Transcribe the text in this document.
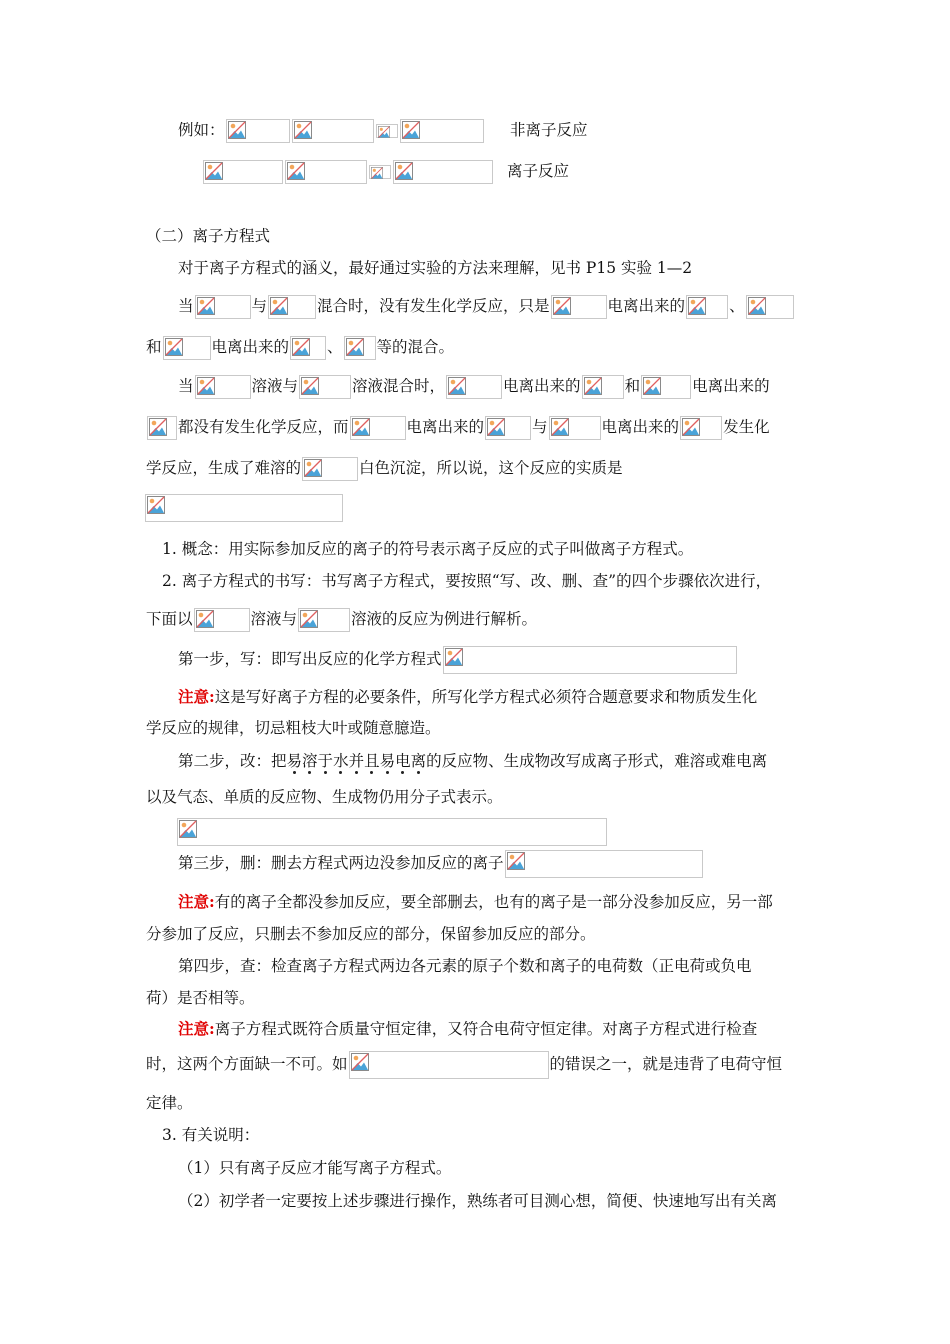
例如：	非离子反应
离子反应
（二）离子方程式
对于离子方程式的涵义，最好通过实验的方法来理解，见书 P15 实验 1—2
当	与	混合时，没有发生化学反应，只是	电离出来的	、
和	电离出来的 、 等的混合。
当	溶液与	溶液混合时，	电离出来的	和	电离出来的
都没有发生化学反应，而	电离出来的	与	电离出来的	发生化
学反应，生成了难溶的	白色沉淀，所以说，这个反应的实质是
1. 概念：用实际参加反应的离子的符号表示离子反应的式子叫做离子方程式。
2. 离子方程式的书写：书写离子方程式，要按照“写、改、删、查”的四个步骤依次进行，
下面以	溶液与	溶液的反应为例进行解析。
第一步，写：即写出反应的化学方程式
注意:这是写好离子方程的必要条件，所写化学方程式必须符合题意要求和物质发生化
学反应的规律，切忌粗枝大叶或随意臆造。
第二步，改：把易溶于水并且易电离的反应物、生成物改写成离子形式，难溶或难电离
以及气态、单质的反应物、生成物仍用分子式表示。
第三步，删：删去方程式两边没参加反应的离子
注意:有的离子全都没参加反应，要全部删去，也有的离子是一部分没参加反应，另一部
分参加了反应，只删去不参加反应的部分，保留参加反应的部分。
第四步，查：检查离子方程式两边各元素的原子个数和离子的电荷数（正电荷或负电
荷）是否相等。
注意:离子方程式既符合质量守恒定律，又符合电荷守恒定律。对离子方程式进行检查
时，这两个方面缺一不可。如	的错误之一，就是违背了电荷守恒
定律。
3. 有关说明：
（1）只有离子反应才能写离子方程式。
（2）初学者一定要按上述步骤进行操作，熟练者可目测心想，简便、快速地写出有关离
